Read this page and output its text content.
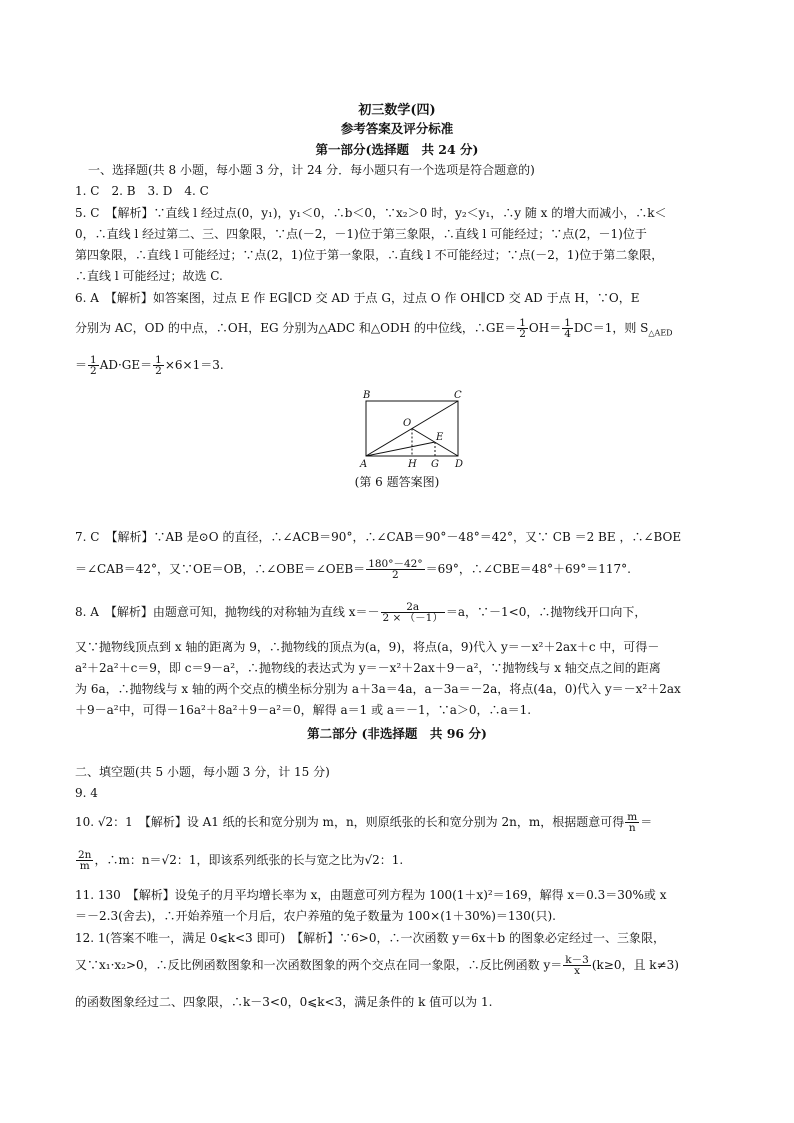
初三数学(四)
参考答案及评分标准
第一部分(选择题　共 24 分)
一、选择题(共 8 小题，每小题 3 分，计 24 分．每小题只有一个选项是符合题意的)
1. C　2. B　3. D　4. C
5. C　【解析】∵直线 l 经过点(0，y₁)，y₁＜0，∴b＜0，∵x₂＞0 时，y₂＜y₁，∴y 随 x 的增大而减小，∴k＜
0，∴直线 l 经过第二、三、四象限，∵点(－2，－1)位于第三象限，∴直线 l 可能经过；∵点(2，－1)位于
第四象限，∴直线 l 可能经过；∵点(2，1)位于第一象限，∴直线 l 不可能经过；∵点(－2，1)位于第二象限，
∴直线 l 可能经过；故选 C.
6. A　【解析】如答案图，过点 E 作 EG∥CD 交 AD 于点 G，过点 O 作 OH∥CD 交 AD 于点 H，∵O，E
分别为 AC，OD 的中点，∴OH，EG 分别为△ADC 和△ODH 的中位线，∴GE＝ $\frac{1}{2} OH= \frac{1}{4} DC=1$，则 $S_{\triangle AED}$
＝ $\frac{1}{2} AD\cdot GE= \frac{1}{2} \times 6\times 1=3$.
B	C
A	D
O
E
H G
(第 6 题答案图)
7. C　【解析】∵AB 是⊙O 的直径，∴∠ACB＝90°，∴∠CAB＝90°－48°＝42°，又∵ CB ＝2 BE ，∴∠BOE
＝∠CAB＝42°，又∵OE＝OB，∴∠OBE＝∠OEB＝ $\frac{180^\circ-42^\circ}{2} =69^\circ$，∴∠CBE＝48°＋69°＝117°.
8. A　【解析】由题意可知，抛物线的对称轴为直线 $x=- \frac{2a}{2 \times (-1)} =a$，∵－1<0，∴抛物线开口向下，
又∵抛物线顶点到 x 轴的距离为 9，∴抛物线的顶点为(a，9)，将点(a，9)代入 y＝－x²＋2ax＋c 中，可得－
a²＋2a²＋c＝9，即 c＝9－a²，∴抛物线的表达式为 y＝－x²＋2ax＋9－a²，∵抛物线与 x 轴交点之间的距离
为 6a，∴抛物线与 x 轴的两个交点的横坐标分别为 a＋3a＝4a，a－3a＝－2a，将点(4a，0)代入 y＝－x²＋2ax
＋9－a²中，可得－16a²＋8a²＋9－a²＝0，解得 a＝1 或 a＝－1，∵a＞0，∴a＝1.
第二部分 (非选择题　共 96 分)
二、填空题(共 5 小题，每小题 3 分，计 15 分)
9. 4
10. √2：1　【解析】设 A1 纸的长和宽分别为 m，n，则原纸张的长和宽分别为 2n，m，根据题意可得 $\frac{m}{n}$ ＝
$\frac{2n}{m}$ ，∴m：n＝√2：1，即该系列纸张的长与宽之比为√2：1.
11. 130　【解析】设兔子的月平均增长率为 x，由题意可列方程为 100(1＋x)²＝169，解得 x＝0.3＝30%或 x
＝－2.3(舍去)，∴开始养殖一个月后，农户养殖的兔子数量为 100×(1＋30%)＝130(只).
12. 1(答案不唯一，满足 0⩽k<3 即可)　【解析】∵6>0，∴一次函数 y＝6x＋b 的图象必定经过一、三象限，
又∵x₁·x₂>0，∴反比例函数图象和一次函数图象的两个交点在同一象限，∴反比例函数 $y= \frac{k-3}{x} (k\ge 0$，且 k≠3)
的函数图象经过二、四象限，∴k－3<0，0⩽k<3，满足条件的 k 值可以为 1.
